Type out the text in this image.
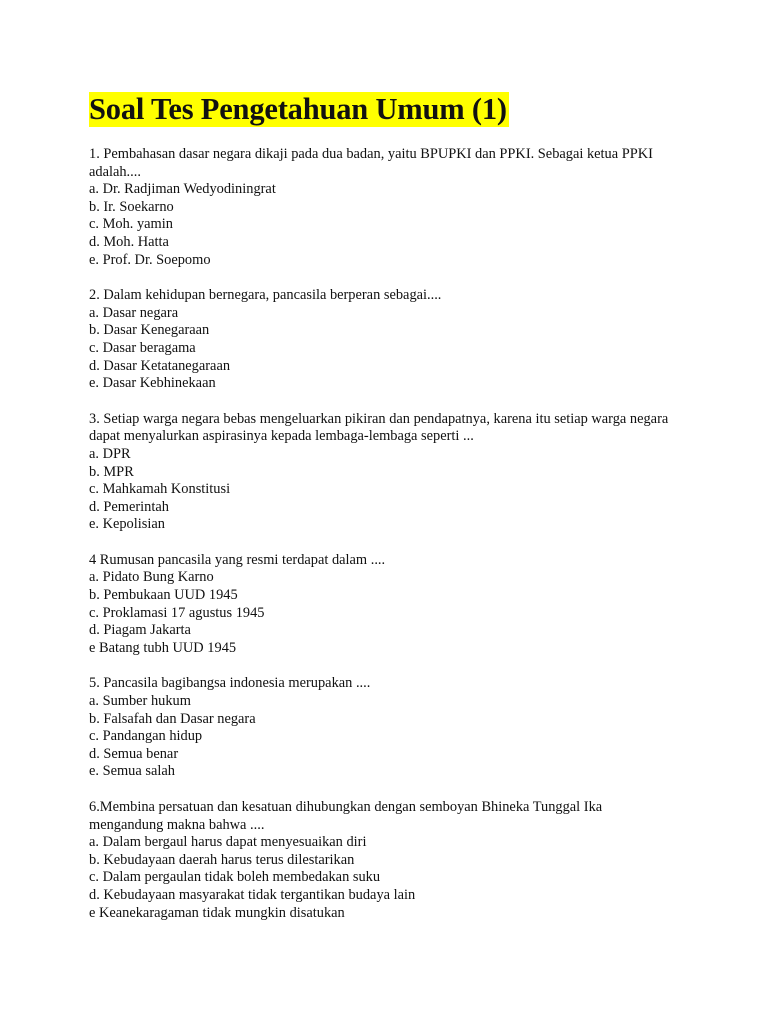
Soal Tes Pengetahuan Umum (1)

1. Pembahasan dasar negara dikaji pada dua badan, yaitu BPUPKI dan PPKI. Sebagai ketua PPKI adalah....

a. Dr. Radjiman Wedyodiningrat

b. Ir. Soekarno

c. Moh. yamin

d. Moh. Hatta

e. Prof. Dr. Soepomo

2. Dalam kehidupan bernegara, pancasila berperan sebagai....

a. Dasar negara

b. Dasar Kenegaraan

c. Dasar beragama

d. Dasar Ketatanegaraan

e. Dasar Kebhinekaan

3. Setiap warga negara bebas mengeluarkan pikiran dan pendapatnya, karena itu setiap warga negara dapat menyalurkan aspirasinya kepada lembaga-lembaga seperti ...

a. DPR

b. MPR

c. Mahkamah Konstitusi

d. Pemerintah

e. Kepolisian

4 Rumusan pancasila yang resmi terdapat dalam ....

a. Pidato Bung Karno

b. Pembukaan UUD 1945

c. Proklamasi 17 agustus 1945

d. Piagam Jakarta

e Batang tubh UUD 1945

5. Pancasila bagibangsa indonesia merupakan ....

a. Sumber hukum

b. Falsafah dan Dasar negara

c. Pandangan hidup

d. Semua benar

e. Semua salah

6.Membina persatuan dan kesatuan dihubungkan dengan semboyan Bhineka Tunggal Ika mengandung makna bahwa ....

a. Dalam bergaul harus dapat menyesuaikan diri

b. Kebudayaan daerah harus terus dilestarikan

c. Dalam pergaulan tidak boleh membedakan suku

d. Kebudayaan masyarakat tidak tergantikan budaya lain

e Keanekaragaman tidak mungkin disatukan
